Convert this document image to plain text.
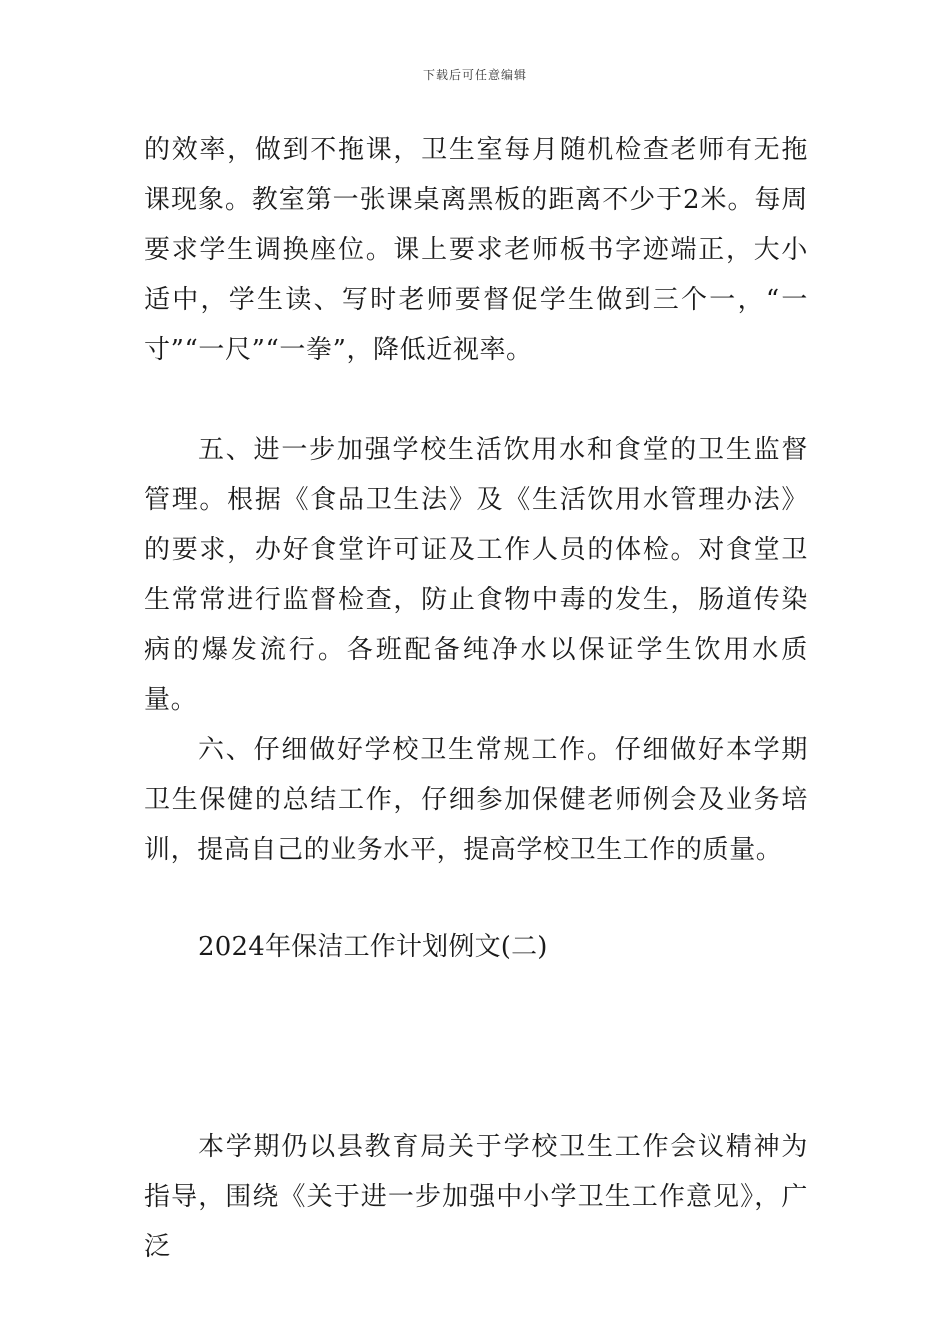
下载后可任意编辑

的效率，做到不拖课，卫生室每月随机检查老师有无拖课现象。教室第一张课桌离黑板的距离不少于2米。每周要求学生调换座位。课上要求老师板书字迹端正，大小适中，学生读、写时老师要督促学生做到三个一，“一寸”“一尺”“一拳”，降低近视率。

五、进一步加强学校生活饮用水和食堂的卫生监督管理。根据《食品卫生法》及《生活饮用水管理办法》的要求，办好食堂许可证及工作人员的体检。对食堂卫生常常进行监督检查，防止食物中毒的发生，肠道传染病的爆发流行。各班配备纯净水以保证学生饮用水质量。

六、仔细做好学校卫生常规工作。仔细做好本学期卫生保健的总结工作，仔细参加保健老师例会及业务培训，提高自己的业务水平，提高学校卫生工作的质量。

2024年保洁工作计划例文(二)

本学期仍以县教育局关于学校卫生工作会议精神为指导，围绕《关于进一步加强中小学卫生工作意见》，广泛
